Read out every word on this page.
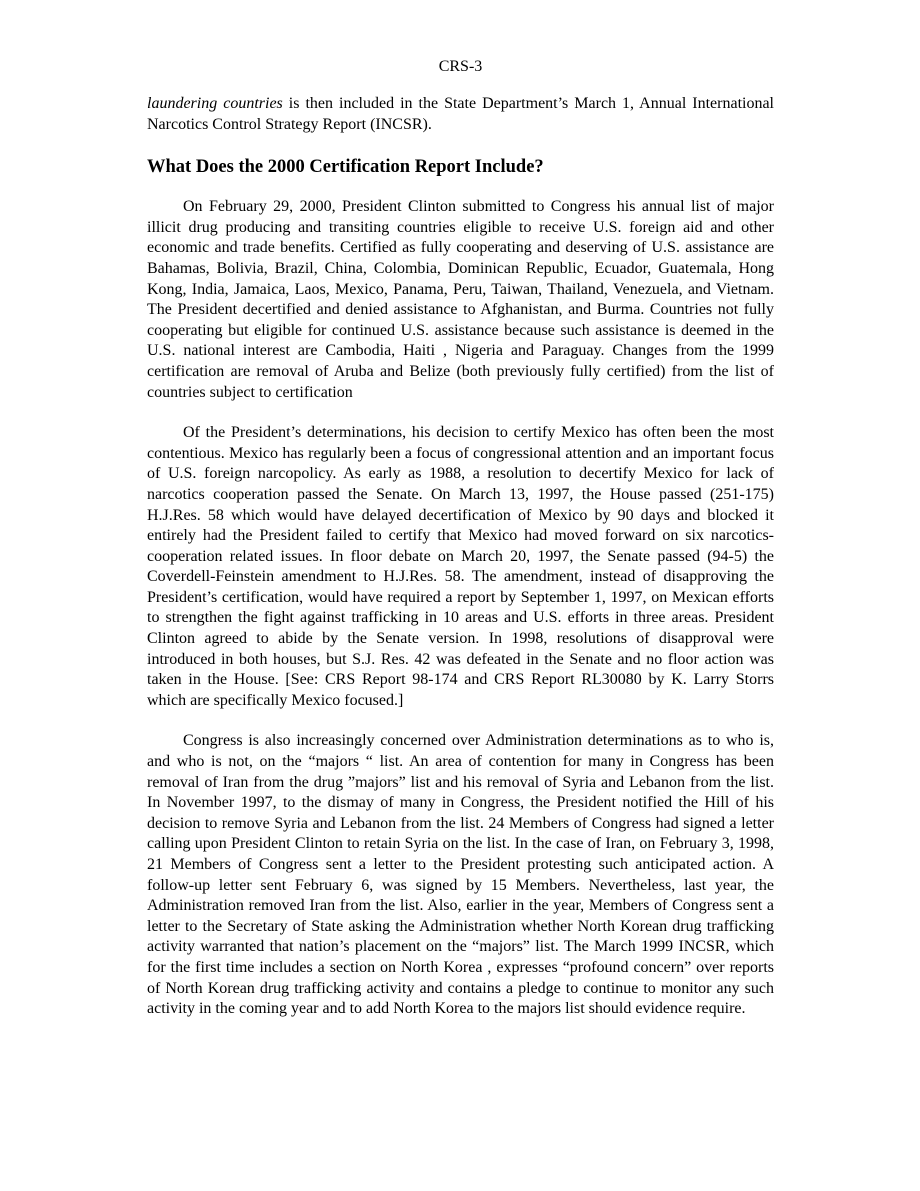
CRS-3

laundering countries is then included in the State Department’s March 1, Annual International Narcotics Control Strategy Report (INCSR).

What Does the 2000 Certification Report Include?

On February 29, 2000, President Clinton submitted to Congress his annual list of major illicit drug producing and transiting countries eligible to receive U.S. foreign aid and other economic and trade benefits. Certified as fully cooperating and deserving of U.S. assistance are Bahamas, Bolivia, Brazil, China, Colombia, Dominican Republic, Ecuador, Guatemala, Hong Kong, India, Jamaica, Laos, Mexico, Panama, Peru, Taiwan, Thailand, Venezuela, and Vietnam. The President decertified and denied assistance to Afghanistan, and Burma. Countries not fully cooperating but eligible for continued U.S. assistance because such assistance is deemed in the U.S. national interest are Cambodia, Haiti , Nigeria and Paraguay. Changes from the 1999 certification are removal of Aruba and Belize (both previously fully certified) from the list of countries subject to certification

Of the President’s determinations, his decision to certify Mexico has often been the most contentious. Mexico has regularly been a focus of congressional attention and an important focus of U.S. foreign narcopolicy. As early as 1988, a resolution to decertify Mexico for lack of narcotics cooperation passed the Senate. On March 13, 1997, the House passed (251-175) H.J.Res. 58 which would have delayed decertification of Mexico by 90 days and blocked it entirely had the President failed to certify that Mexico had moved forward on six narcotics-cooperation related issues. In floor debate on March 20, 1997, the Senate passed (94-5) the Coverdell-Feinstein amendment to H.J.Res. 58. The amendment, instead of disapproving the President’s certification, would have required a report by September 1, 1997, on Mexican efforts to strengthen the fight against trafficking in 10 areas and U.S. efforts in three areas. President Clinton agreed to abide by the Senate version. In 1998, resolutions of disapproval were introduced in both houses, but S.J. Res. 42 was defeated in the Senate and no floor action was taken in the House. [See: CRS Report 98-174 and CRS Report RL30080 by K. Larry Storrs which are specifically Mexico focused.]

Congress is also increasingly concerned over Administration determinations as to who is, and who is not, on the “majors “ list. An area of contention for many in Congress has been removal of Iran from the drug ”majors” list and his removal of Syria and Lebanon from the list. In November 1997, to the dismay of many in Congress, the President notified the Hill of his decision to remove Syria and Lebanon from the list. 24 Members of Congress had signed a letter calling upon President Clinton to retain Syria on the list. In the case of Iran, on February 3, 1998, 21 Members of Congress sent a letter to the President protesting such anticipated action. A follow-up letter sent February 6, was signed by 15 Members. Nevertheless, last year, the Administration removed Iran from the list. Also, earlier in the year, Members of Congress sent a letter to the Secretary of State asking the Administration whether North Korean drug trafficking activity warranted that nation’s placement on the “majors” list. The March 1999 INCSR, which for the first time includes a section on North Korea , expresses “profound concern” over reports of North Korean drug trafficking activity and contains a pledge to continue to monitor any such activity in the coming year and to add North Korea to the majors list should evidence require.
